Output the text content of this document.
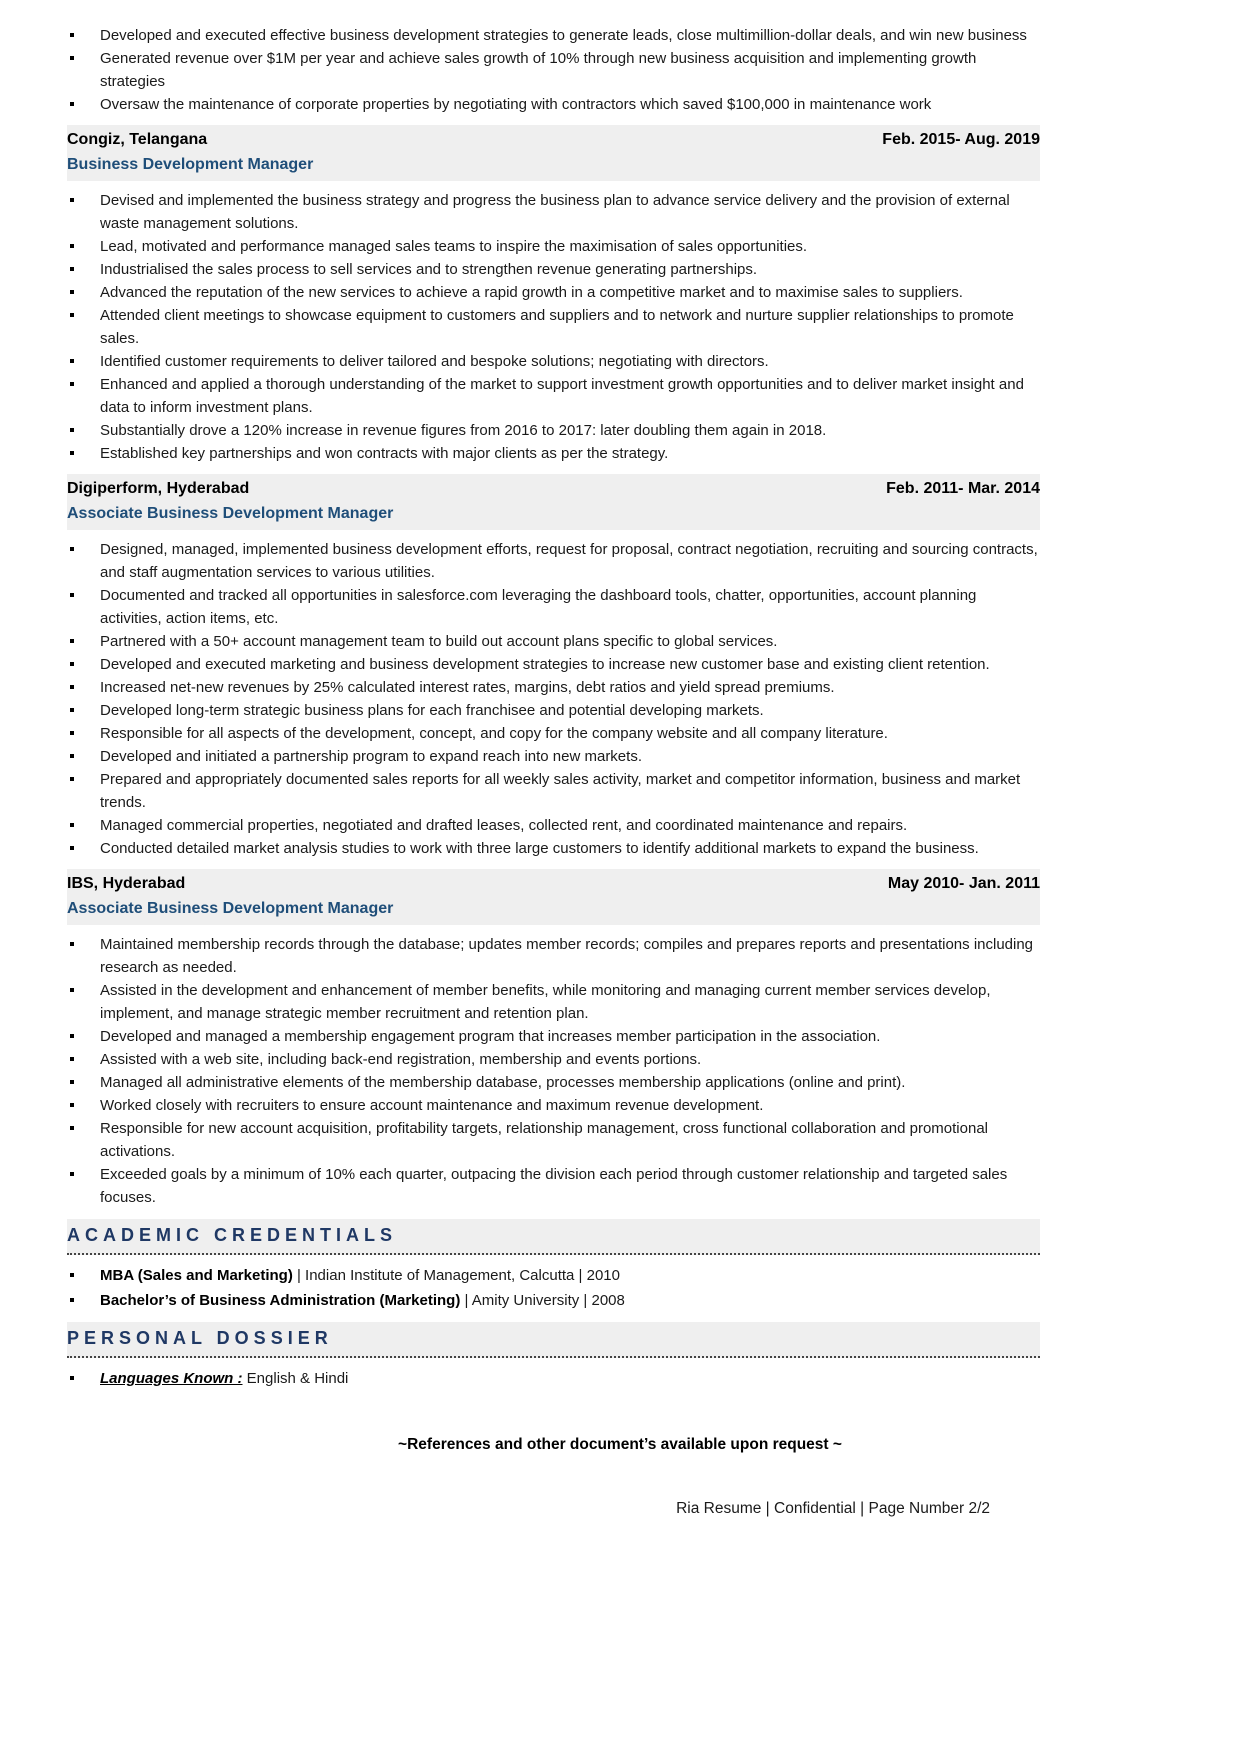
Developed and executed effective business development strategies to generate leads, close multimillion-dollar deals, and win new business
Generated revenue over $1M per year and achieve sales growth of 10% through new business acquisition and implementing growth strategies
Oversaw the maintenance of corporate properties by negotiating with contractors which saved $100,000 in maintenance work
Congiz, Telangana	Feb. 2015- Aug. 2019
Business Development Manager
Devised and implemented the business strategy and progress the business plan to advance service delivery and the provision of external waste management solutions.
Lead, motivated and performance managed sales teams to inspire the maximisation of sales opportunities.
Industrialised the sales process to sell services and to strengthen revenue generating partnerships.
Advanced the reputation of the new services to achieve a rapid growth in a competitive market and to maximise sales to suppliers.
Attended client meetings to showcase equipment to customers and suppliers and to network and nurture supplier relationships to promote sales.
Identified customer requirements to deliver tailored and bespoke solutions; negotiating with directors.
Enhanced and applied a thorough understanding of the market to support investment growth opportunities and to deliver market insight and data to inform investment plans.
Substantially drove a 120% increase in revenue figures from 2016 to 2017: later doubling them again in 2018.
Established key partnerships and won contracts with major clients as per the strategy.
Digiperform, Hyderabad	Feb. 2011- Mar. 2014
Associate Business Development Manager
Designed, managed, implemented business development efforts, request for proposal, contract negotiation, recruiting and sourcing contracts, and staff augmentation services to various utilities.
Documented and tracked all opportunities in salesforce.com leveraging the dashboard tools, chatter, opportunities, account planning activities, action items, etc.
Partnered with a 50+ account management team to build out account plans specific to global services.
Developed and executed marketing and business development strategies to increase new customer base and existing client retention.
Increased net-new revenues by 25% calculated interest rates, margins, debt ratios and yield spread premiums.
Developed long-term strategic business plans for each franchisee and potential developing markets.
Responsible for all aspects of the development, concept, and copy for the company website and all company literature.
Developed and initiated a partnership program to expand reach into new markets.
Prepared and appropriately documented sales reports for all weekly sales activity, market and competitor information, business and market trends.
Managed commercial properties, negotiated and drafted leases, collected rent, and coordinated maintenance and repairs.
Conducted detailed market analysis studies to work with three large customers to identify additional markets to expand the business.
IBS, Hyderabad	May 2010- Jan. 2011
Associate Business Development Manager
Maintained membership records through the database; updates member records; compiles and prepares reports and presentations including research as needed.
Assisted in the development and enhancement of member benefits, while monitoring and managing current member services develop, implement, and manage strategic member recruitment and retention plan.
Developed and managed a membership engagement program that increases member participation in the association.
Assisted with a web site, including back-end registration, membership and events portions.
Managed all administrative elements of the membership database, processes membership applications (online and print).
Worked closely with recruiters to ensure account maintenance and maximum revenue development.
Responsible for new account acquisition, profitability targets, relationship management, cross functional collaboration and promotional activations.
Exceeded goals by a minimum of 10% each quarter, outpacing the division each period through customer relationship and targeted sales focuses.
ACADEMIC CREDENTIALS
MBA (Sales and Marketing) | Indian Institute of Management, Calcutta | 2010
Bachelor’s of Business Administration (Marketing) | Amity University | 2008
PERSONAL DOSSIER
Languages Known : English & Hindi
~References and other document’s available upon request ~
Ria Resume | Confidential | Page Number 2/2
